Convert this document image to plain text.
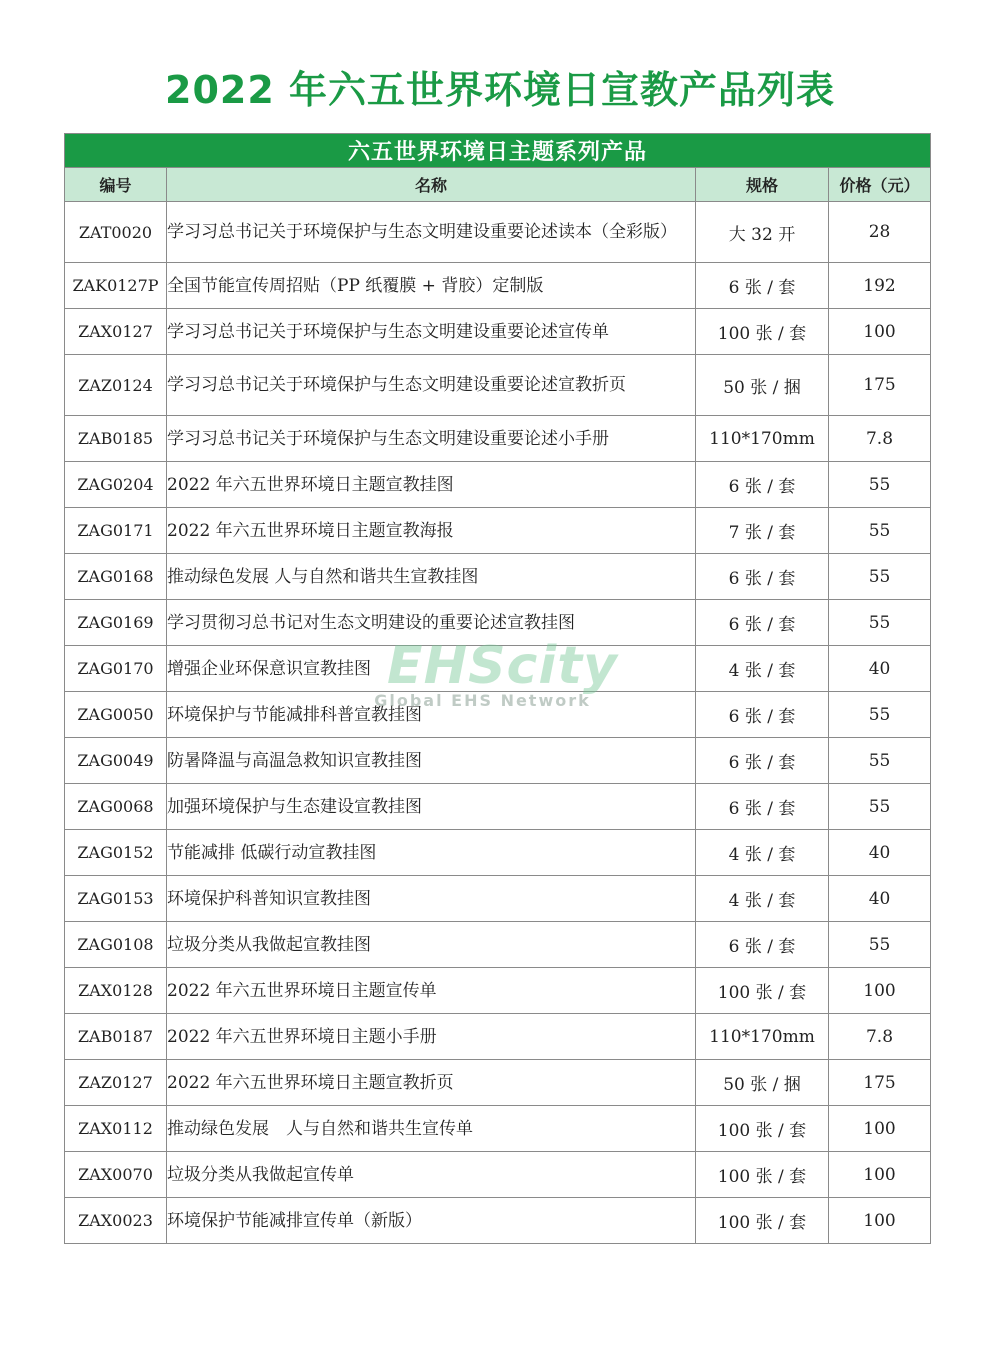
2022 年六五世界环境日宣教产品列表
六五世界环境日主题系列产品			
编号	名称	规格	价格（元）
ZAT0020	学习习总书记关于环境保护与生态文明建设重要论述读本（全彩版）	大 32 开	28
ZAK0127P	全国节能宣传周招贴（PP 纸覆膜 + 背胶）定制版	6 张 / 套	192
ZAX0127	学习习总书记关于环境保护与生态文明建设重要论述宣传单	100 张 / 套	100
ZAZ0124	学习习总书记关于环境保护与生态文明建设重要论述宣教折页	50 张 / 捆	175
ZAB0185	学习习总书记关于环境保护与生态文明建设重要论述小手册	110*170mm	7.8
ZAG0204	2022 年六五世界环境日主题宣教挂图	6 张 / 套	55
ZAG0171	2022 年六五世界环境日主题宣教海报	7 张 / 套	55
ZAG0168	推动绿色发展 人与自然和谐共生宣教挂图	6 张 / 套	55
ZAG0169	学习贯彻习总书记对生态文明建设的重要论述宣教挂图	6 张 / 套	55
ZAG0170	增强企业环保意识宣教挂图	4 张 / 套	40
ZAG0050	环境保护与节能减排科普宣教挂图	6 张 / 套	55
ZAG0049	防暑降温与高温急救知识宣教挂图	6 张 / 套	55
ZAG0068	加强环境保护与生态建设宣教挂图	6 张 / 套	55
ZAG0152	节能减排 低碳行动宣教挂图	4 张 / 套	40
ZAG0153	环境保护科普知识宣教挂图	4 张 / 套	40
ZAG0108	垃圾分类从我做起宣教挂图	6 张 / 套	55
ZAX0128	2022 年六五世界环境日主题宣传单	100 张 / 套	100
ZAB0187	2022 年六五世界环境日主题小手册	110*170mm	7.8
ZAZ0127	2022 年六五世界环境日主题宣教折页	50 张 / 捆	175
ZAX0112	推动绿色发展　人与自然和谐共生宣传单	100 张 / 套	100
ZAX0070	垃圾分类从我做起宣传单	100 张 / 套	100
ZAX0023	环境保护节能减排宣传单（新版）	100 张 / 套	100
EHScity
Global EHS Network
